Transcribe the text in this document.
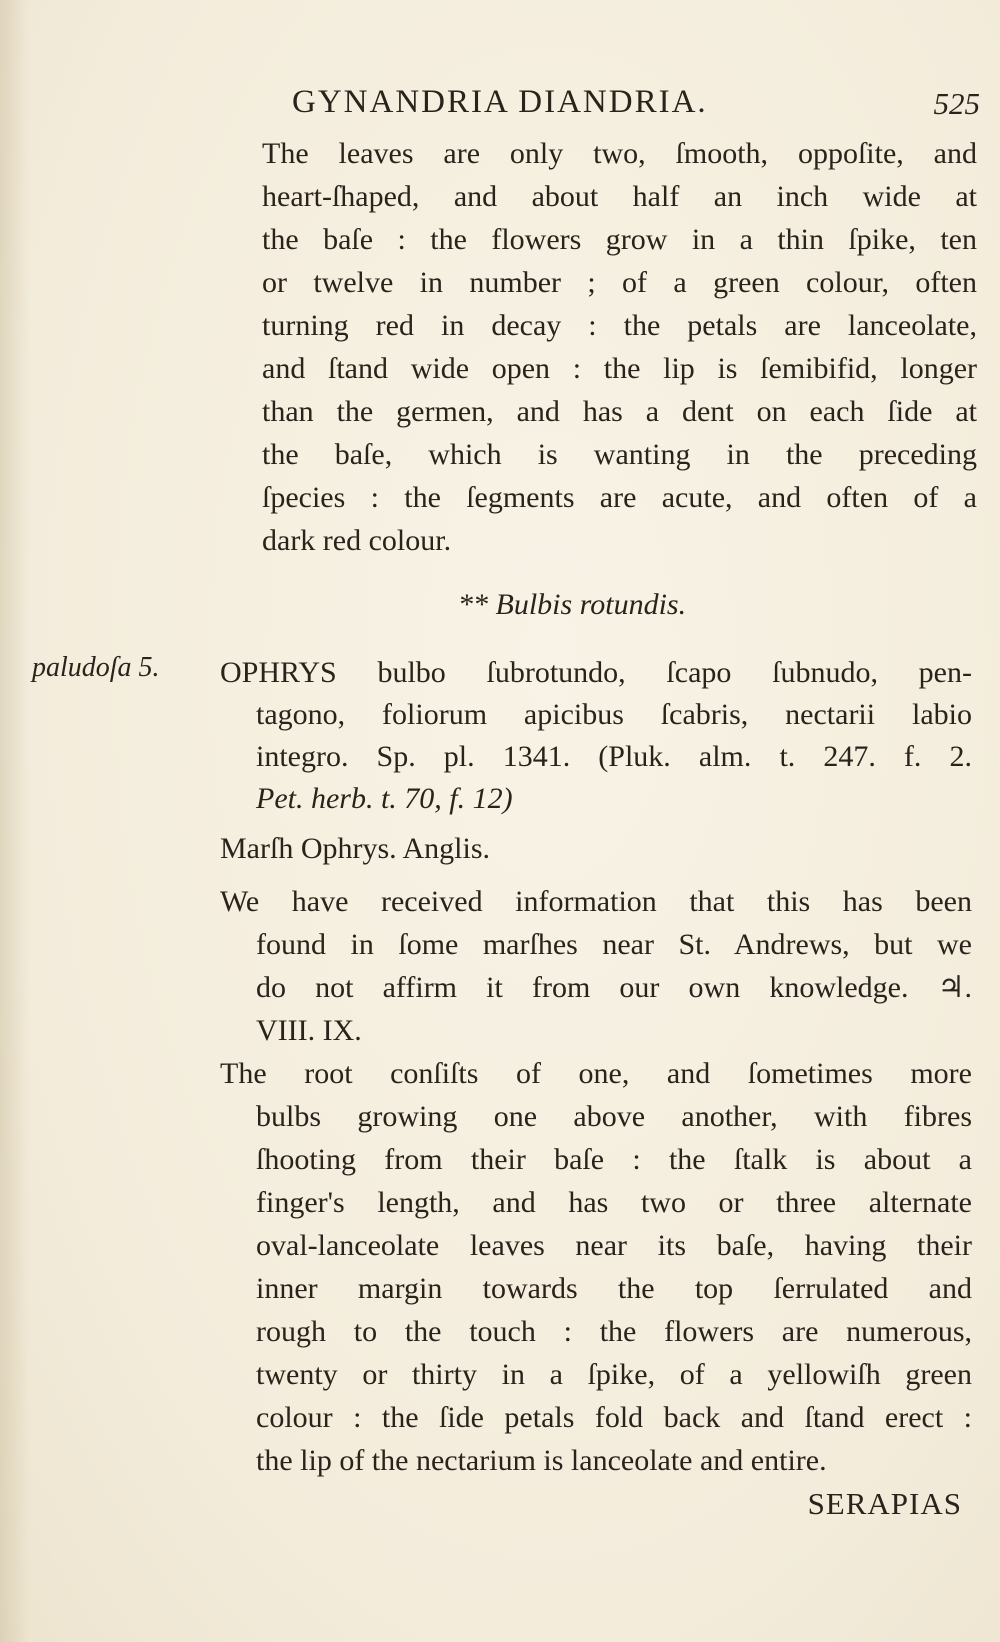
GYNANDRIA DIANDRIA.	525
The leaves are only two, ſmooth, oppoſite, and
heart-ſhaped, and about half an inch wide at
the baſe : the flowers grow in a thin ſpike, ten
or twelve in number ; of a green colour, often
turning red in decay : the petals are lanceolate,
and ſtand wide open : the lip is ſemibifid, longer
than the germen, and has a dent on each ſide at
the baſe, which is wanting in the preceding
ſpecies : the ſegments are acute, and often of a
dark red colour.
** Bulbis rotundis.
paludoſa 5. OPHRYS bulbo ſubrotundo, ſcapo ſubnudo, pen-
tagono, foliorum apicibus ſcabris, nectarii labio
integro. Sp. pl. 1341. (Pluk. alm. t. 247. f. 2.
Pet. herb. t. 70, f. 12)
Marſh Ophrys. Anglis.
We have received information that this has been
found in ſome marſhes near St. Andrews, but we
do not affirm it from our own knowledge. ♃.
VIII. IX.
The root conſiſts of one, and ſometimes more
bulbs growing one above another, with fibres
ſhooting from their baſe : the ſtalk is about a
finger's length, and has two or three alternate
oval-lanceolate leaves near its baſe, having their
inner margin towards the top ſerrulated and
rough to the touch : the flowers are numerous,
twenty or thirty in a ſpike, of a yellowiſh green
colour : the ſide petals fold back and ſtand erect :
the lip of the nectarium is lanceolate and entire.
SERAPIAS
